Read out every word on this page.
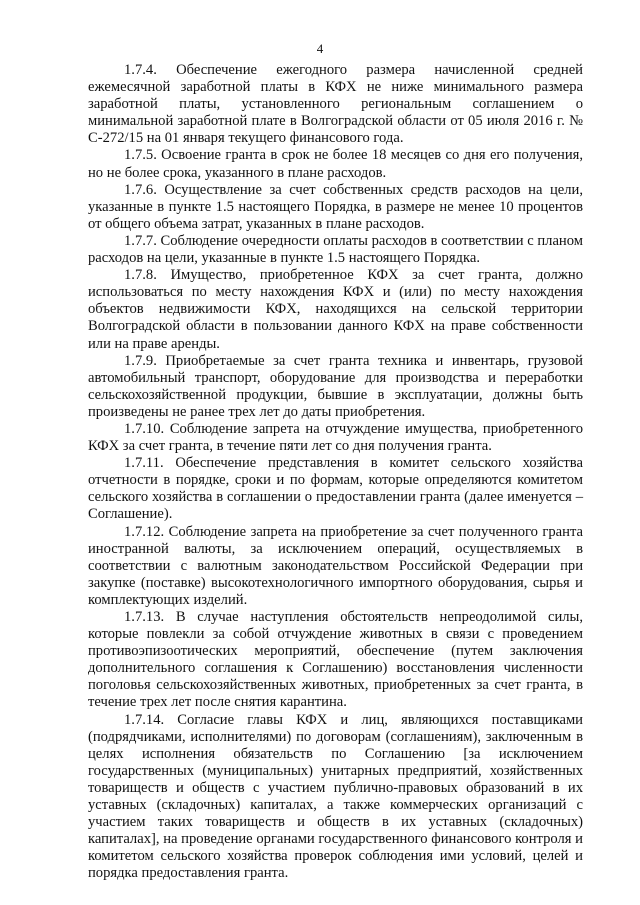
4

1.7.4. Обеспечение ежегодного размера начисленной средней ежемесячной заработной платы в КФХ не ниже минимального размера заработной платы, установленного региональным соглашением о минимальной заработной плате в Волгоградской области от 05 июля 2016 г. № С-272/15 на 01 января текущего финансового года.

1.7.5. Освоение гранта в срок не более 18 месяцев со дня его получения, но не более срока, указанного в плане расходов.

1.7.6. Осуществление за счет собственных средств расходов на цели, указанные в пункте 1.5 настоящего Порядка, в размере не менее 10 процентов от общего объема затрат, указанных в плане расходов.

1.7.7. Соблюдение очередности оплаты расходов в соответствии с планом расходов на цели, указанные в пункте 1.5 настоящего Порядка.

1.7.8. Имущество, приобретенное КФХ за счет гранта, должно использоваться по месту нахождения КФХ и (или) по месту нахождения объектов недвижимости КФХ, находящихся на сельской территории Волгоградской области в пользовании данного КФХ на праве собственности или на праве аренды.

1.7.9. Приобретаемые за счет гранта техника и инвентарь, грузовой автомобильный транспорт, оборудование для производства и переработки сельскохозяйственной продукции, бывшие в эксплуатации, должны быть произведены не ранее трех лет до даты приобретения.

1.7.10. Соблюдение запрета на отчуждение имущества, приобретенного КФХ за счет гранта, в течение пяти лет со дня получения гранта.

1.7.11. Обеспечение представления в комитет сельского хозяйства отчетности в порядке, сроки и по формам, которые определяются комитетом сельского хозяйства в соглашении о предоставлении гранта (далее именуется – Соглашение).

1.7.12. Соблюдение запрета на приобретение за счет полученного гранта иностранной валюты, за исключением операций, осуществляемых в соответствии с валютным законодательством Российской Федерации при закупке (поставке) высокотехнологичного импортного оборудования, сырья и комплектующих изделий.

1.7.13. В случае наступления обстоятельств непреодолимой силы, которые повлекли за собой отчуждение животных в связи с проведением противоэпизоотических мероприятий, обеспечение (путем заключения дополнительного соглашения к Соглашению) восстановления численности поголовья сельскохозяйственных животных, приобретенных за счет гранта, в течение трех лет после снятия карантина.

1.7.14. Согласие главы КФХ и лиц, являющихся поставщиками (подрядчиками, исполнителями) по договорам (соглашениям), заключенным в целях исполнения обязательств по Соглашению [за исключением государственных (муниципальных) унитарных предприятий, хозяйственных товариществ и обществ с участием публично-правовых образований в их уставных (складочных) капиталах, а также коммерческих организаций с участием таких товариществ и обществ в их уставных (складочных) капиталах], на проведение органами государственного финансового контроля и комитетом сельского хозяйства проверок соблюдения ими условий, целей и порядка предоставления гранта.
